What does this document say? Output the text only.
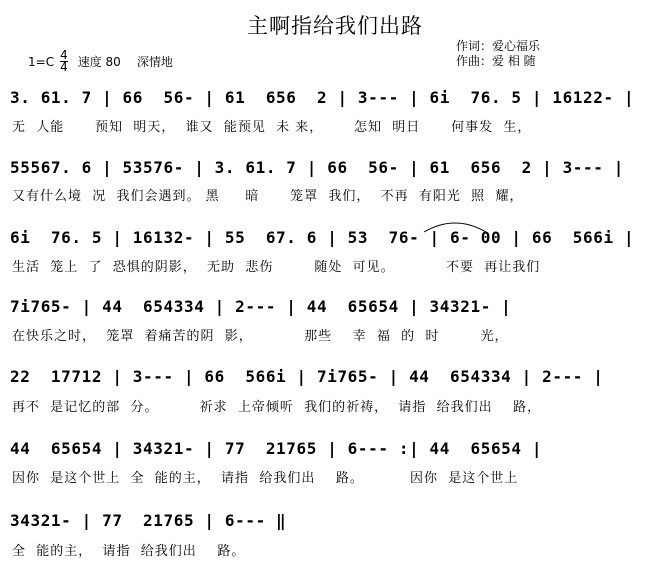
主啊指给我们出路
$1=C \frac{4}{4}$ 速度 80 深情地
作词：爱心福乐
作曲：爱 相 随
3. 61. 7 | 66  56- | 61  656  2 | 3--- | 6i  76. 5 | 16122- |
无  人能      预知  明天，  谁又  能预见  未 来，      怎知  明日      何事发  生，
55567. 6 | 53576- | 3. 61. 7 | 66  56- | 61  656  2 | 3--- |
又有什么境  况  我们会遇到。 黑     暗      笼罩  我们，  不再  有阳光  照  耀，
6i  76. 5 | 16132- | 55  67. 6 | 53  76- | 6- 00 | 66  566i |
生活  笼上  了  恐惧的阴影，  无助  悲伤        随处  可见。          不要  再让我们
7i765- | 44  654334 | 2--- | 44  65654 | 34321- |
在快乐之时，  笼罩  着痛苦的阴  影，          那些    幸  福  的  时        光，
22  17712 | 3--- | 66  566i | 7i765- | 44  654334 | 2--- |
再不  是记忆的部  分。        祈求  上帝倾听  我们的祈祷，  请指  给我们出    路，
44  65654 | 34321- | 77  21765 | 6--- :| 44  65654 |
因你  是这个世上  全  能的主，  请指  给我们出    路。         因你  是这个世上
34321- | 77  21765 | 6--- ‖
全  能的主，  请指  给我们出    路。
